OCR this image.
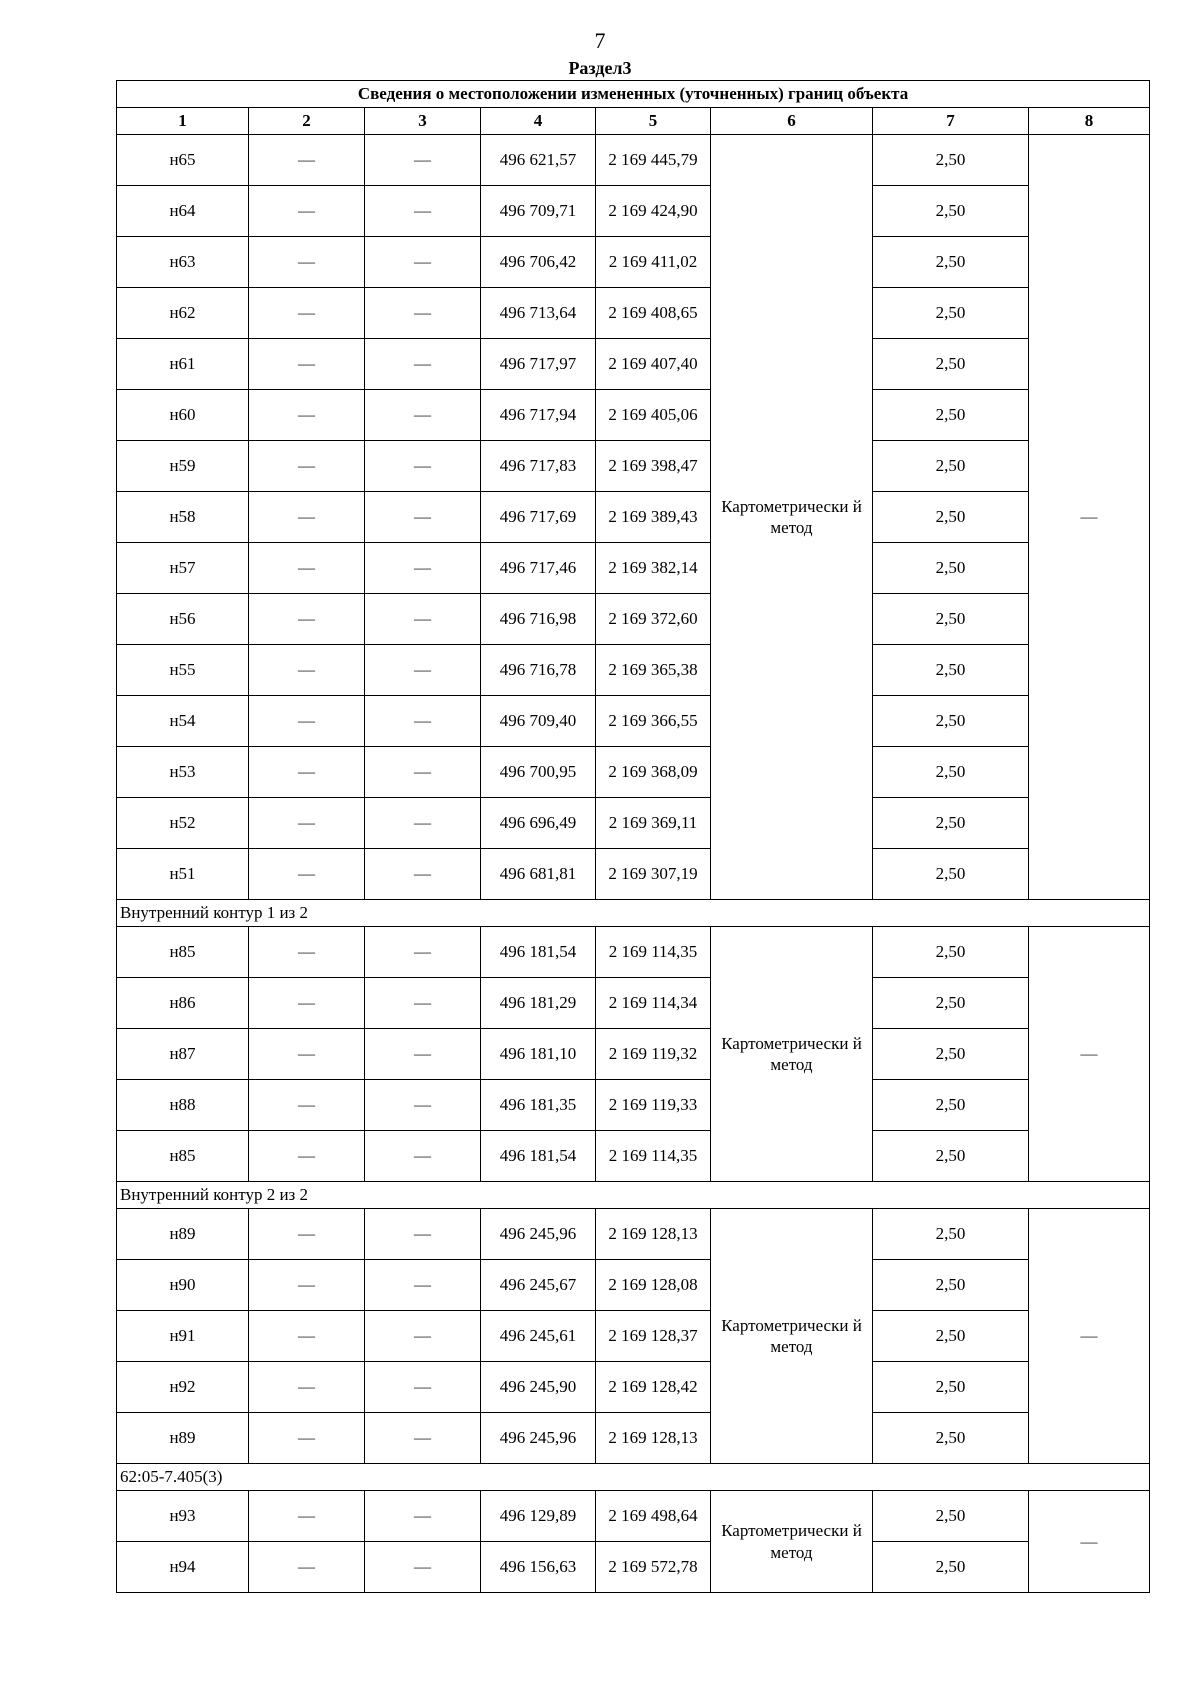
7
Раздел3
Сведения о местоположении измененных (уточненных) границ объекта							
1	2	3	4	5	6	7	8
н65	—	—	496 621,57	2 169 445,79	Картометрически й метод	2,50	—
н64	—	—	496 709,71	2 169 424,90		2,50	
н63	—	—	496 706,42	2 169 411,02		2,50	
н62	—	—	496 713,64	2 169 408,65		2,50	
н61	—	—	496 717,97	2 169 407,40		2,50	
н60	—	—	496 717,94	2 169 405,06		2,50	
н59	—	—	496 717,83	2 169 398,47		2,50	
н58	—	—	496 717,69	2 169 389,43		2,50	
н57	—	—	496 717,46	2 169 382,14		2,50	
н56	—	—	496 716,98	2 169 372,60		2,50	
н55	—	—	496 716,78	2 169 365,38		2,50	
н54	—	—	496 709,40	2 169 366,55		2,50	
н53	—	—	496 700,95	2 169 368,09		2,50	
н52	—	—	496 696,49	2 169 369,11		2,50	
н51	—	—	496 681,81	2 169 307,19		2,50	
Внутренний контур 1 из 2							
н85	—	—	496 181,54	2 169 114,35	Картометрически й метод	2,50	—
н86	—	—	496 181,29	2 169 114,34		2,50	
н87	—	—	496 181,10	2 169 119,32		2,50	
н88	—	—	496 181,35	2 169 119,33		2,50	
н85	—	—	496 181,54	2 169 114,35		2,50	
Внутренний контур 2 из 2							
н89	—	—	496 245,96	2 169 128,13	Картометрически й метод	2,50	—
н90	—	—	496 245,67	2 169 128,08		2,50	
н91	—	—	496 245,61	2 169 128,37		2,50	
н92	—	—	496 245,90	2 169 128,42		2,50	
н89	—	—	496 245,96	2 169 128,13		2,50	
62:05-7.405(3)							
н93	—	—	496 129,89	2 169 498,64	Картометрически й метод	2,50	—
н94	—	—	496 156,63	2 169 572,78		2,50	
